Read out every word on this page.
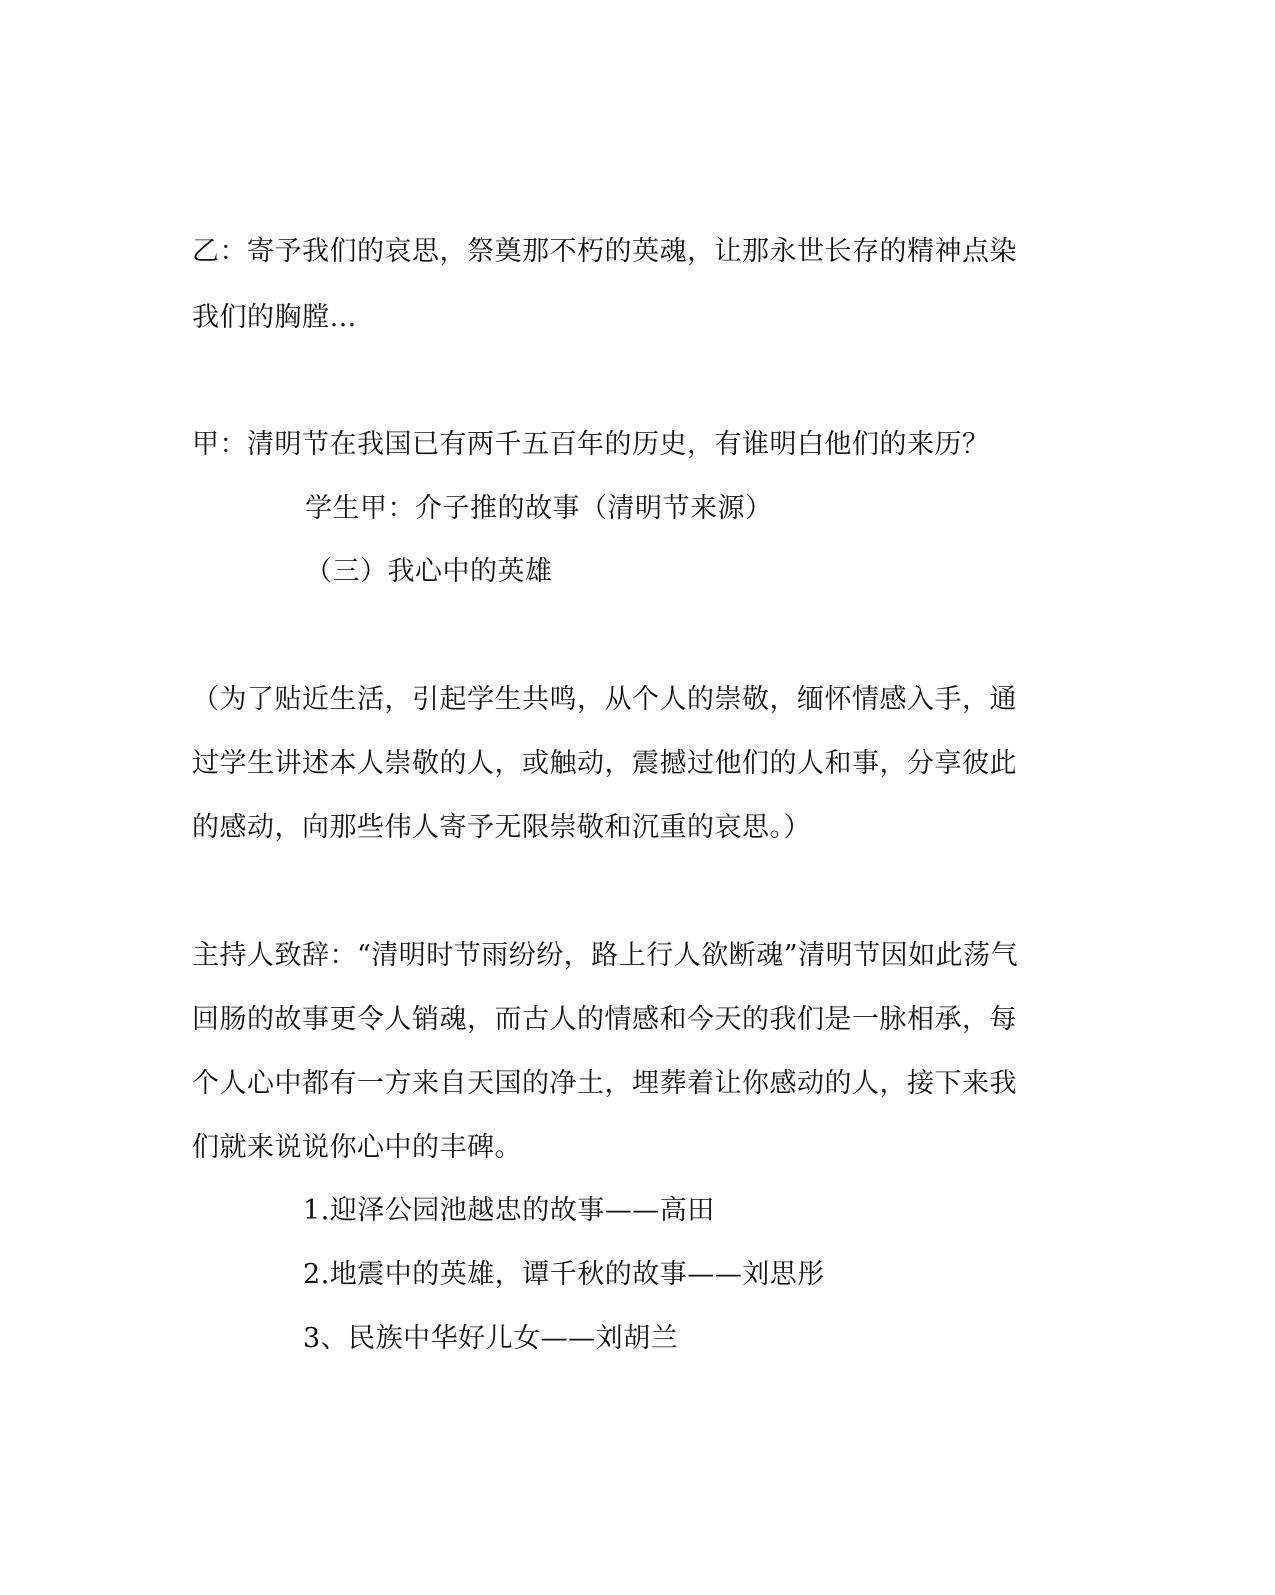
乙：寄予我们的哀思，祭奠那不朽的英魂，让那永世长存的精神点染
我们的胸膛…
甲：清明节在我国已有两千五百年的历史，有谁明白他们的来历？
学生甲：介子推的故事（清明节来源）
（三）我心中的英雄
（为了贴近生活，引起学生共鸣，从个人的崇敬，缅怀情感入手，通
过学生讲述本人崇敬的人，或触动，震撼过他们的人和事，分享彼此
的感动，向那些伟人寄予无限崇敬和沉重的哀思。）
主持人致辞：“清明时节雨纷纷，路上行人欲断魂”清明节因如此荡气
回肠的故事更令人销魂，而古人的情感和今天的我们是一脉相承，每
个人心中都有一方来自天国的净土，埋葬着让你感动的人，接下来我
们就来说说你心中的丰碑。
1.迎泽公园池越忠的故事——高田
2.地震中的英雄，谭千秋的故事——刘思彤
3、民族中华好儿女——刘胡兰
